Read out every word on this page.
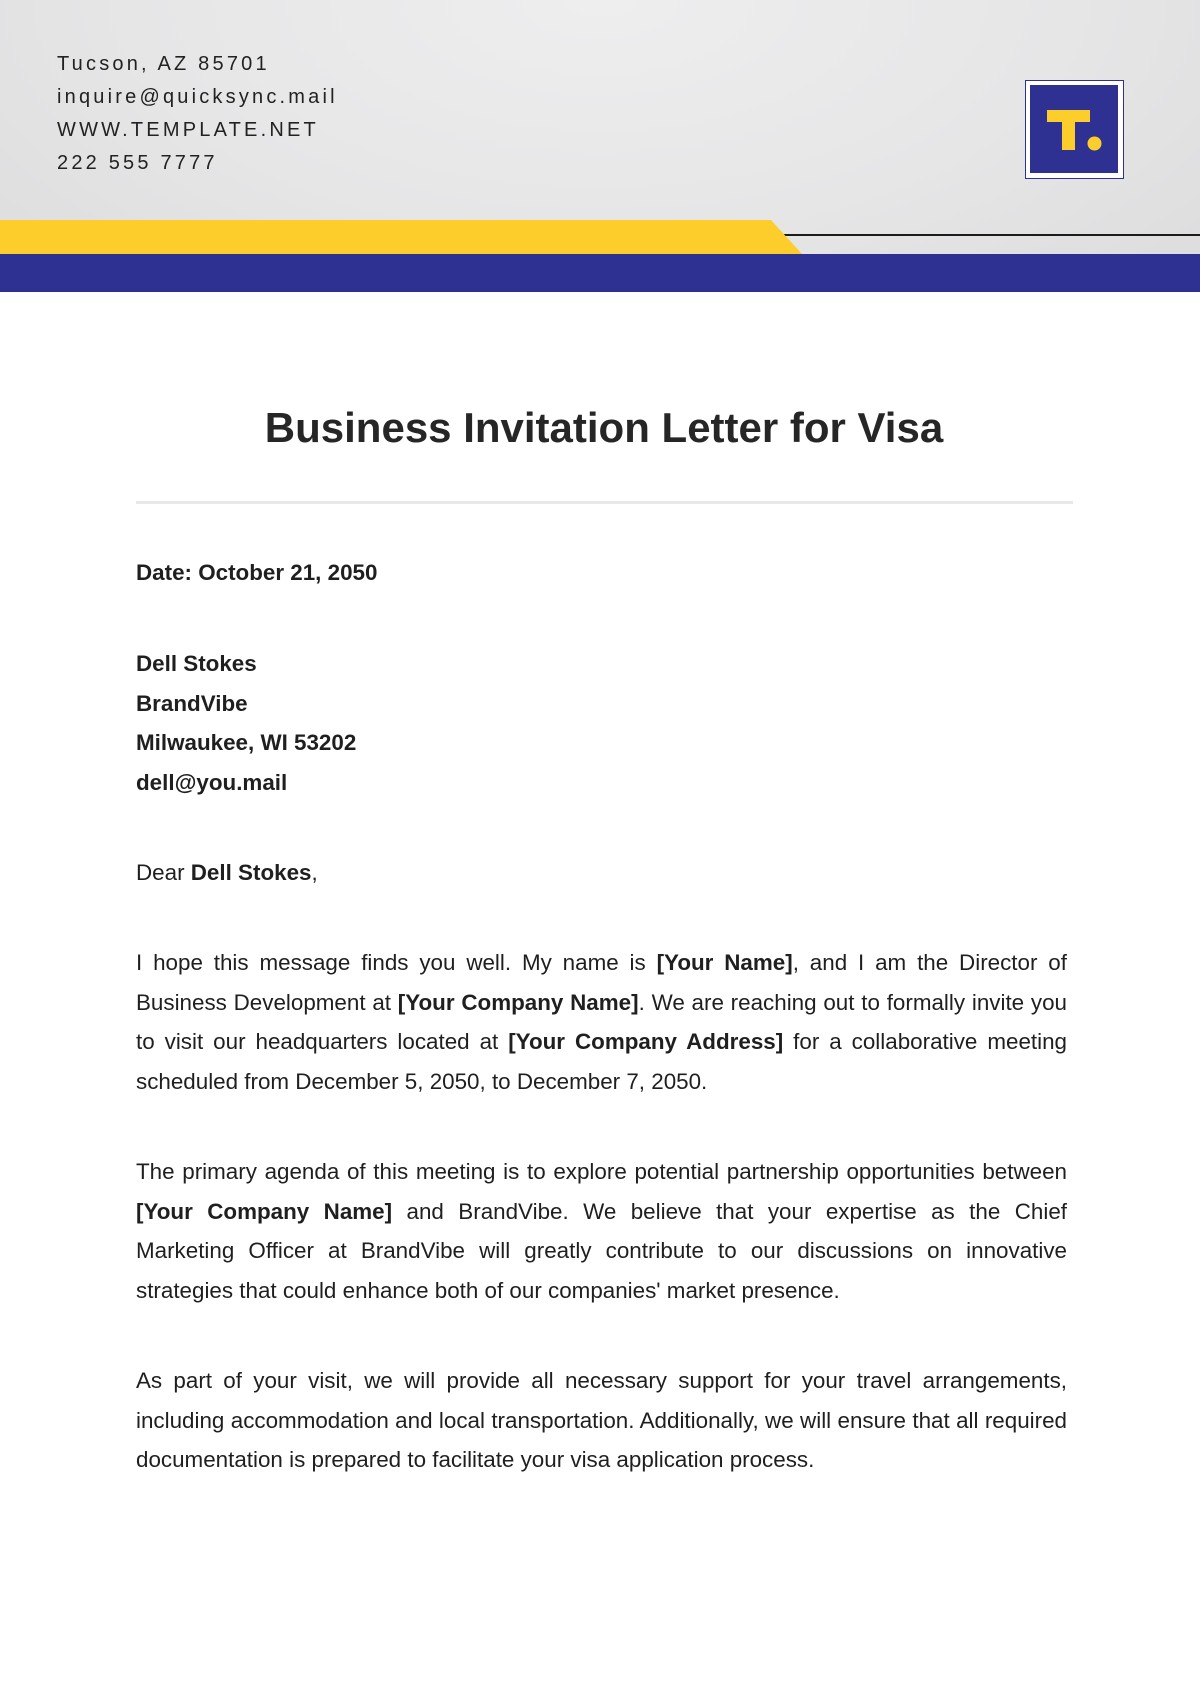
Tucson, AZ 85701
inquire@quicksync.mail
WWW.TEMPLATE.NET
222 555 7777
Business Invitation Letter for Visa
Date: October 21, 2050
Dell Stokes
BrandVibe
Milwaukee, WI 53202
dell@you.mail
Dear Dell Stokes,
I hope this message finds you well. My name is [Your Name], and I am the Director of Business Development at [Your Company Name]. We are reaching out to formally invite you to visit our headquarters located at [Your Company Address] for a collaborative meeting scheduled from December 5, 2050, to December 7, 2050.
The primary agenda of this meeting is to explore potential partnership opportunities between [Your Company Name] and BrandVibe. We believe that your expertise as the Chief Marketing Officer at BrandVibe will greatly contribute to our discussions on innovative strategies that could enhance both of our companies' market presence.
As part of your visit, we will provide all necessary support for your travel arrangements, including accommodation and local transportation. Additionally, we will ensure that all required documentation is prepared to facilitate your visa application process.
